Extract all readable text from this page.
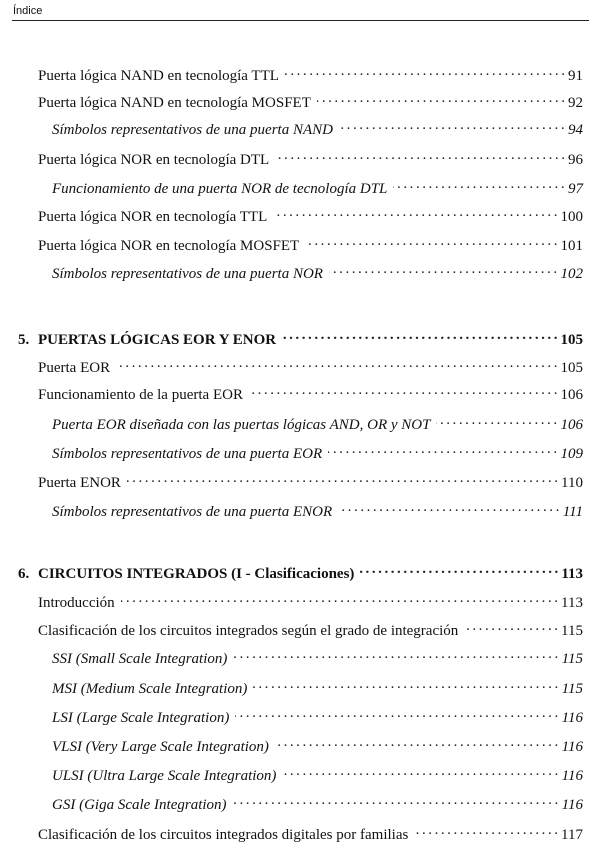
Índice
Puerta lógica NAND en tecnología TTL . . .	91
Puerta lógica NAND en tecnología MOSFET . . .	92
Símbolos representativos de una puerta NAND . . .	94
Puerta lógica NOR en tecnología DTL . . .	96
Funcionamiento de una puerta NOR de tecnología DTL . . .	97
Puerta lógica NOR en tecnología TTL . . .	100
Puerta lógica NOR en tecnología MOSFET . . .	101
Símbolos representativos de una puerta NOR . . .	102
5. PUERTAS LÓGICAS EOR Y ENOR . . .	105
Puerta EOR . . .	105
Funcionamiento de la puerta EOR . . .	106
Puerta EOR diseñada con las puertas lógicas AND, OR y NOT . . .	106
Símbolos representativos de una puerta EOR . . .	109
Puerta ENOR . . .	110
Símbolos representativos de una puerta ENOR . . .	111
6. CIRCUITOS INTEGRADOS (I - Clasificaciones) . . .	113
Introducción . . .	113
Clasificación de los circuitos integrados según el grado de integración . . .	115
SSI (Small Scale Integration) . . .	115
MSI (Medium Scale Integration) . . .	115
LSI (Large Scale Integration) . . .	116
VLSI (Very Large Scale Integration) . . .	116
ULSI (Ultra Large Scale Integration) . . .	116
GSI (Giga Scale Integration) . . .	116
Clasificación de los circuitos integrados digitales por familias . . .	117
